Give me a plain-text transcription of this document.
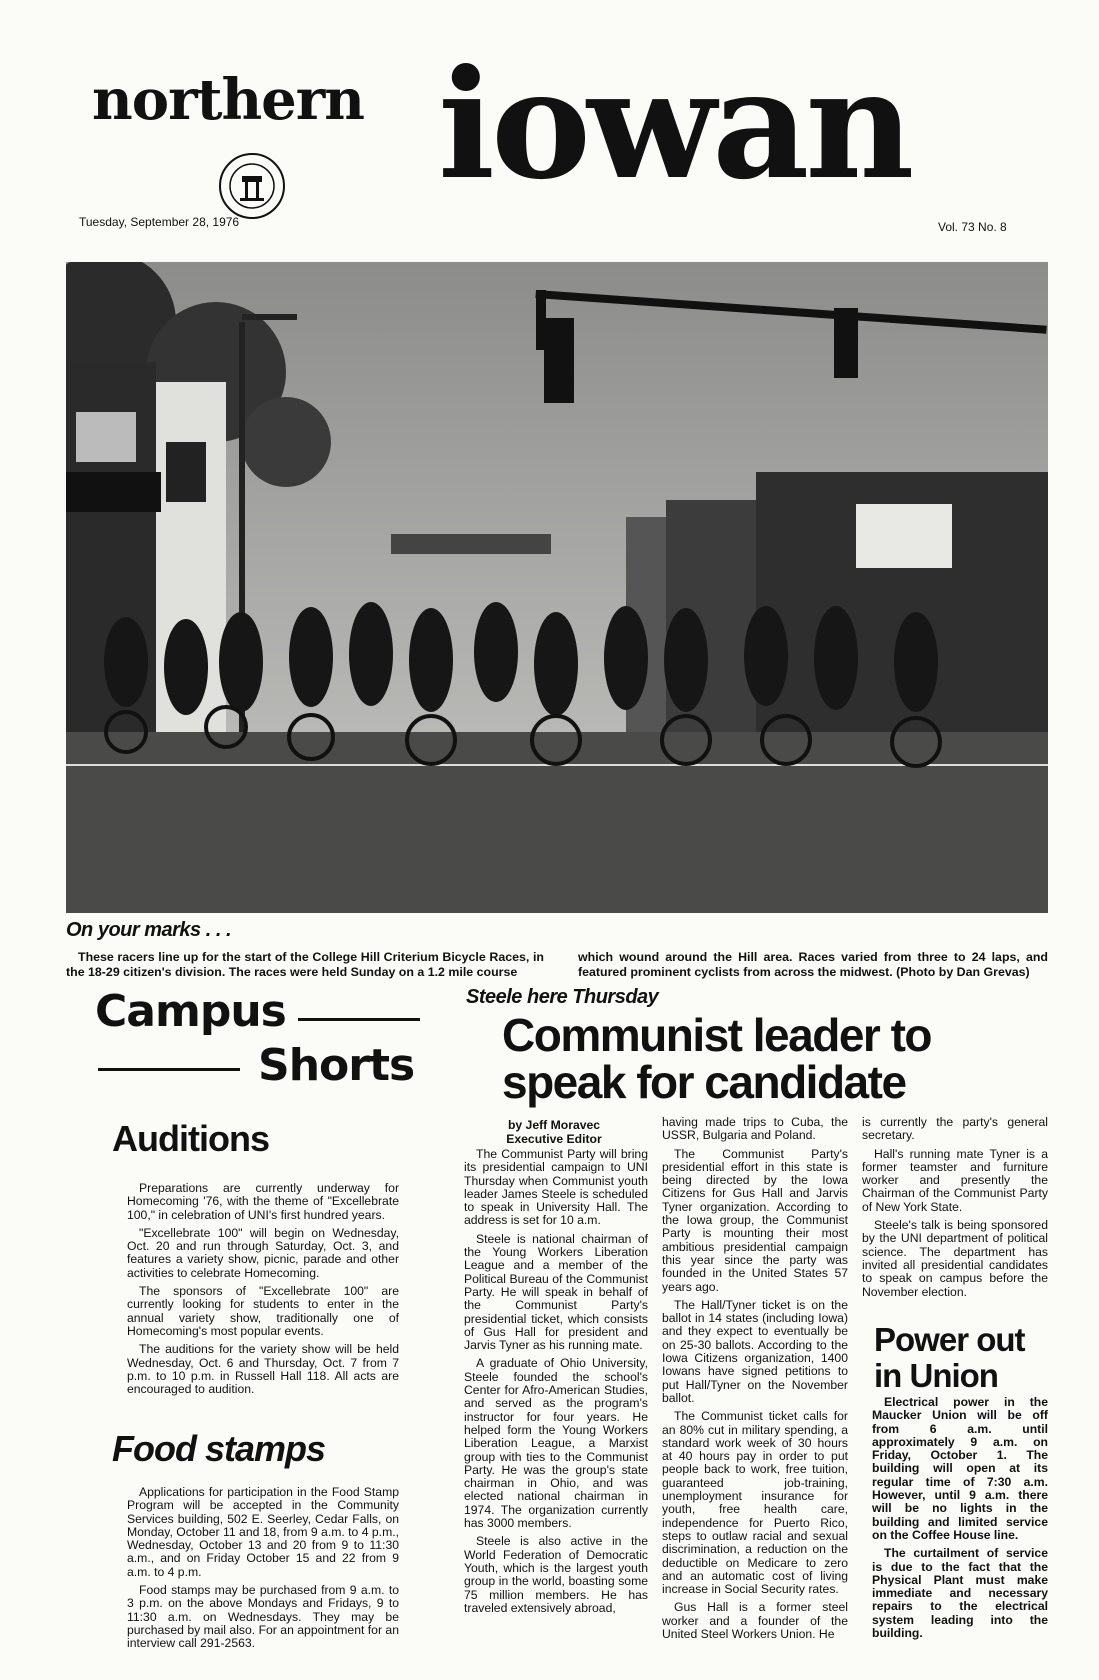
northern iowan
Tuesday, September 28, 1976	Vol. 73 No. 8
On your marks . . .
These racers line up for the start of the College Hill Criterium Bicycle Races, in the 18-29 citizen's division. The races were held Sunday on a 1.2 mile course
which wound around the Hill area. Races varied from three to 24 laps, and featured prominent cyclists from across the midwest. (Photo by Dan Grevas)
Campus
Shorts
Auditions

Preparations are currently underway for Homecoming '76, with the theme of "Excellebrate 100," in celebration of UNI's first hundred years.

"Excellebrate 100" will begin on Wednesday, Oct. 20 and run through Saturday, Oct. 3, and features a variety show, picnic, parade and other activities to celebrate Homecoming.

The sponsors of "Excellebrate 100" are currently looking for students to enter in the annual variety show, traditionally one of Homecoming's most popular events.

The auditions for the variety show will be held Wednesday, Oct. 6 and Thursday, Oct. 7 from 7 p.m. to 10 p.m. in Russell Hall 118. All acts are encouraged to audition.

Food stamps

Applications for participation in the Food Stamp Program will be accepted in the Community Services building, 502 E. Seerley, Cedar Falls, on Monday, October 11 and 18, from 9 a.m. to 4 p.m., Wednesday, October 13 and 20 from 9 to 11:30 a.m., and on Friday October 15 and 22 from 9 a.m. to 4 p.m.

Food stamps may be purchased from 9 a.m. to 3 p.m. on the above Mondays and Fridays, 9 to 11:30 a.m. on Wednesdays. They may be purchased by mail also. For an appointment for an interview call 291-2563.

Steele here Thursday
Communist leader to speak for candidate
by Jeff Moravec
Executive Editor

The Communist Party will bring its presidential campaign to UNI Thursday when Communist youth leader James Steele is scheduled to speak in University Hall. The address is set for 10 a.m.

Steele is national chairman of the Young Workers Liberation League and a member of the Political Bureau of the Communist Party. He will speak in behalf of the Communist Party's presidential ticket, which consists of Gus Hall for president and Jarvis Tyner as his running mate.

A graduate of Ohio University, Steele founded the school's Center for Afro-American Studies, and served as the program's instructor for four years. He helped form the Young Workers Liberation League, a Marxist group with ties to the Communist Party. He was the group's state chairman in Ohio, and was elected national chairman in 1974. The organization currently has 3000 members.

Steele is also active in the World Federation of Democratic Youth, which is the largest youth group in the world, boasting some 75 million members. He has traveled extensively abroad,

having made trips to Cuba, the USSR, Bulgaria and Poland.

The Communist Party's presidential effort in this state is being directed by the Iowa Citizens for Gus Hall and Jarvis Tyner organization. According to the Iowa group, the Communist Party is mounting their most ambitious presidential campaign this year since the party was founded in the United States 57 years ago.

The Hall/Tyner ticket is on the ballot in 14 states (including Iowa) and they expect to eventually be on 25-30 ballots. According to the Iowa Citizens organization, 1400 Iowans have signed petitions to put Hall/Tyner on the November ballot.

The Communist ticket calls for an 80% cut in military spending, a standard work week of 30 hours at 40 hours pay in order to put people back to work, free tuition, guaranteed job-training, unemployment insurance for youth, free health care, independence for Puerto Rico, steps to outlaw racial and sexual discrimination, a reduction on the deductible on Medicare to zero and an automatic cost of living increase in Social Security rates.

Gus Hall is a former steel worker and a founder of the United Steel Workers Union. He

is currently the party's general secretary.

Hall's running mate Tyner is a former teamster and furniture worker and presently the Chairman of the Communist Party of New York State.

Steele's talk is being sponsored by the UNI department of political science. The department has invited all presidential candidates to speak on campus before the November election.

Power out in Union

Electrical power in the Maucker Union will be off from 6 a.m. until approximately 9 a.m. on Friday, October 1. The building will open at its regular time of 7:30 a.m. However, until 9 a.m. there will be no lights in the building and limited service on the Coffee House line.

The curtailment of service is due to the fact that the Physical Plant must make immediate and necessary repairs to the electrical system leading into the building.
